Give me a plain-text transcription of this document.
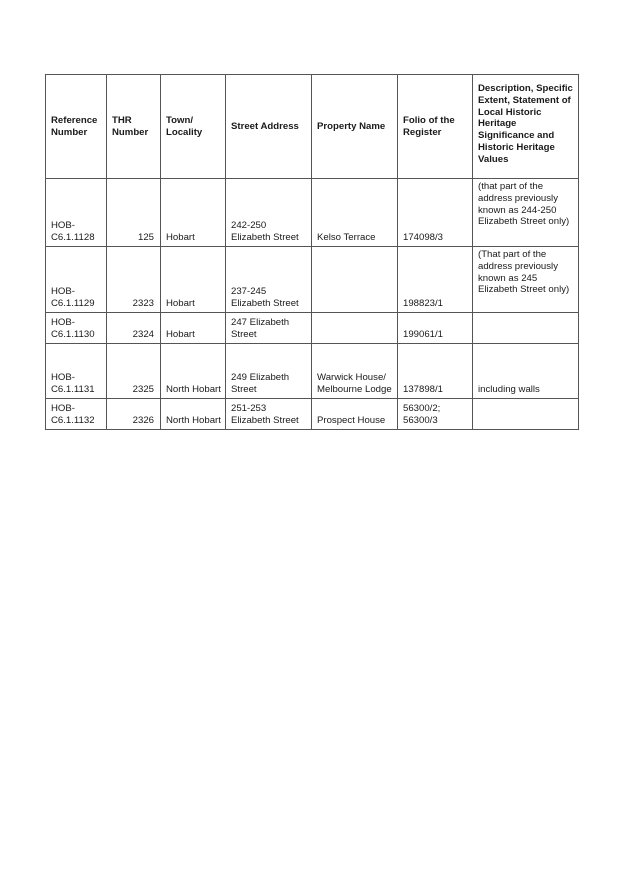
Reference Number	THR Number	Town/ Locality	Street Address	Property Name	Folio of the Register	Description, Specific Extent, Statement of Local Historic Heritage Significance and Historic Heritage Values
HOB-C6.1.1128	125	Hobart	242-250 Elizabeth Street	Kelso Terrace	174098/3	(that part of the address previously known as 244-250 Elizabeth Street only)
HOB-C6.1.1129	2323	Hobart	237-245 Elizabeth Street		198823/1	(That part of the address previously known as 245 Elizabeth Street only)
HOB-C6.1.1130	2324	Hobart	247 Elizabeth Street		199061/1	
HOB-C6.1.1131	2325	North Hobart	249 Elizabeth Street	Warwick House/ Melbourne Lodge	137898/1	including walls
HOB-C6.1.1132	2326	North Hobart	251-253 Elizabeth Street	Prospect House	56300/2; 56300/3	
